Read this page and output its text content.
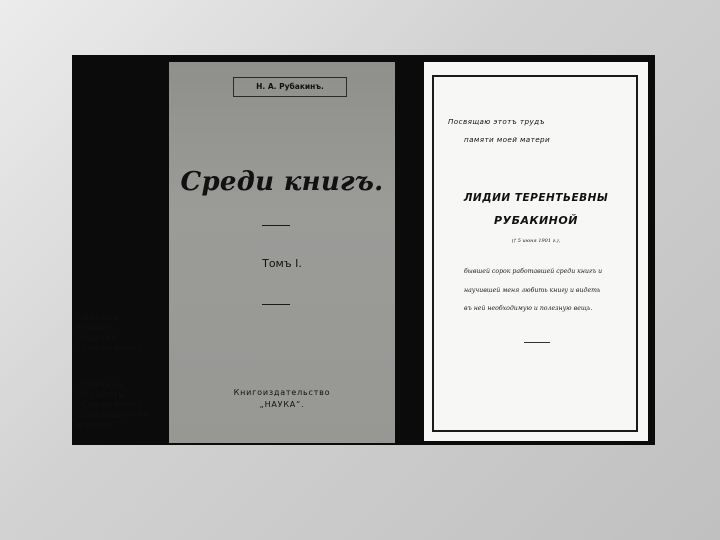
Н. А. Рубакинъ.
Среди книгъ.
Томъ I.
Книгоиздательство
„НАУКА“.
Посвящаю этотъ трудъ
памяти моей матери
ЛИДИИ ТЕРЕНТЬЕВНЫ
РУБАКИНОЙ
(† 5 июня 1901 г.),
бывшей сорок работавшей среди книгъ и
научившей меня любить книгу и видеть
въ ней необходимую и полезную вещь.
Сбложка
второго
издания
«Среди книг»
Страница
из работы
«Среди книг»
с посвящением
матери.
